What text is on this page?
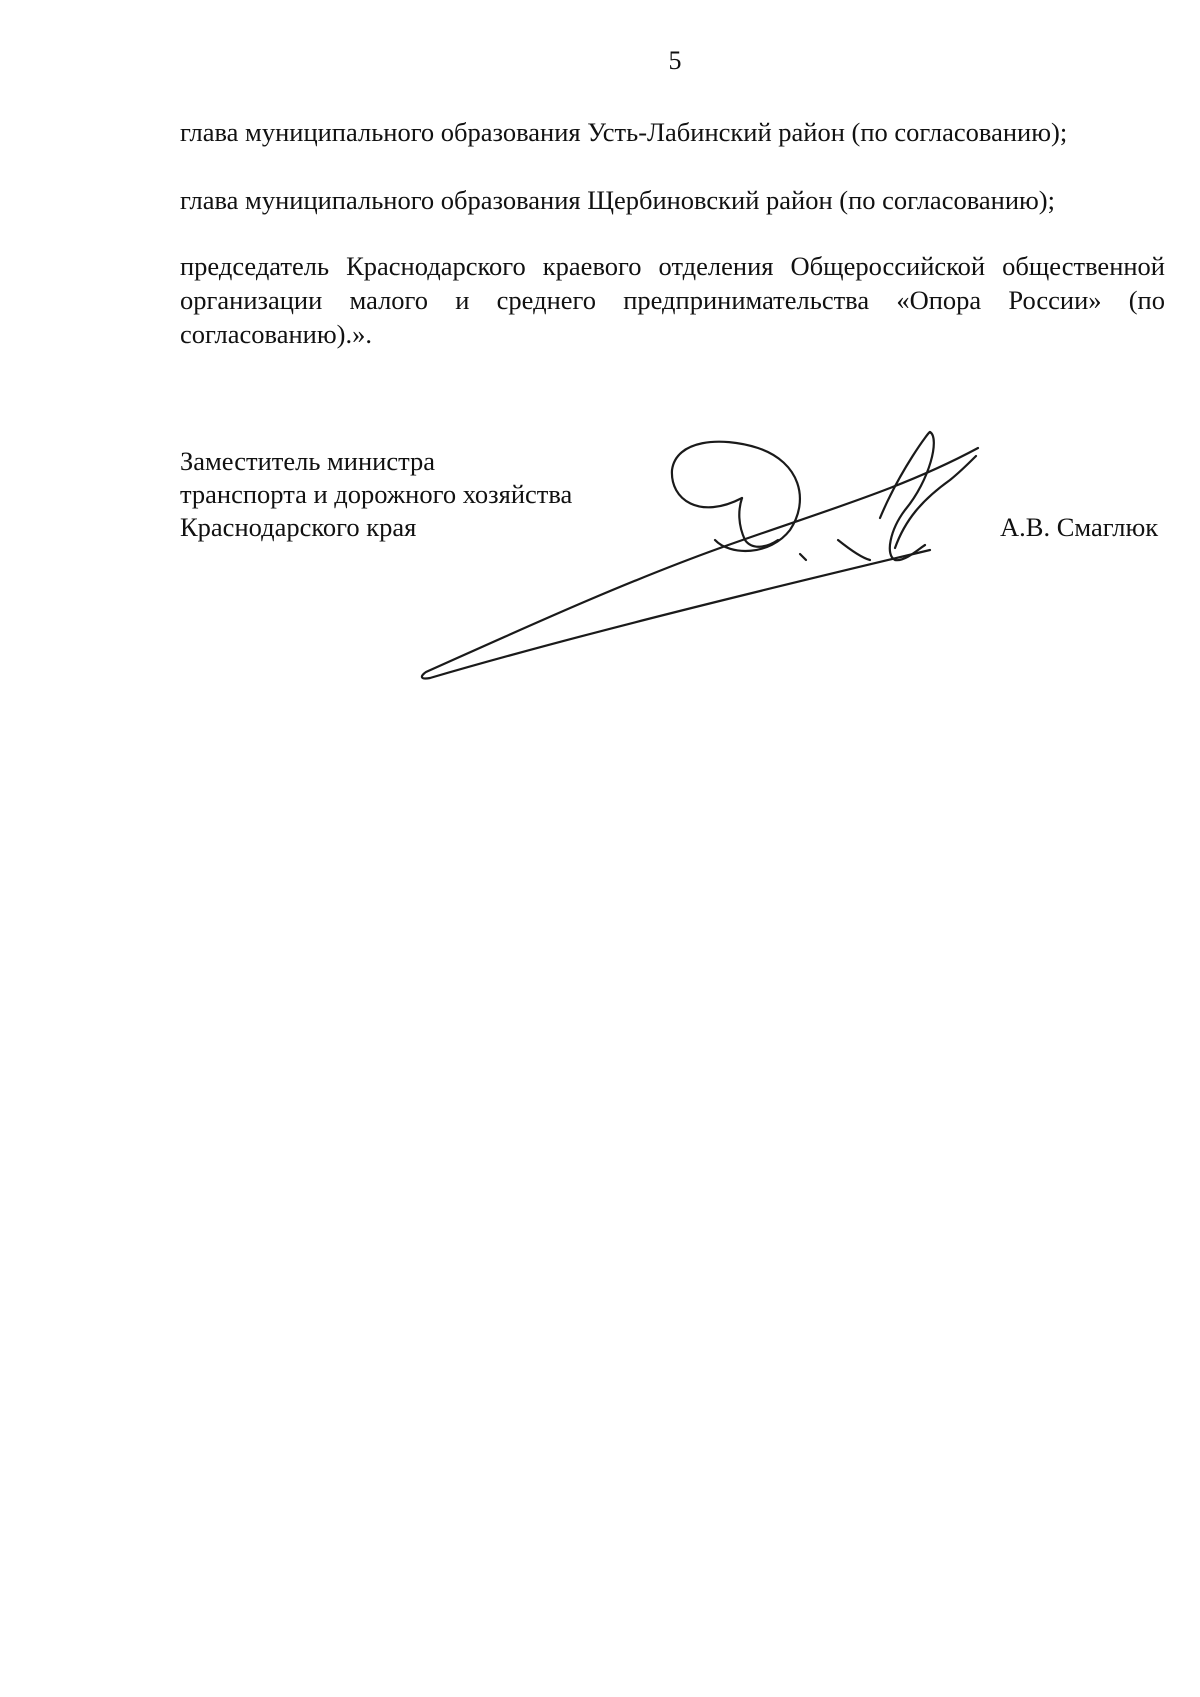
5

глава муниципального образования Усть-Лабинский район (по согласованию);

глава муниципального образования Щербиновский район (по согласованию);

председатель Краснодарского краевого отделения Общероссийской общественной организации малого и среднего предпринимательства «Опора России» (по согласованию).».

Заместитель министра
транспорта и дорожного хозяйства
Краснодарского края	А.В. Смаглюк
